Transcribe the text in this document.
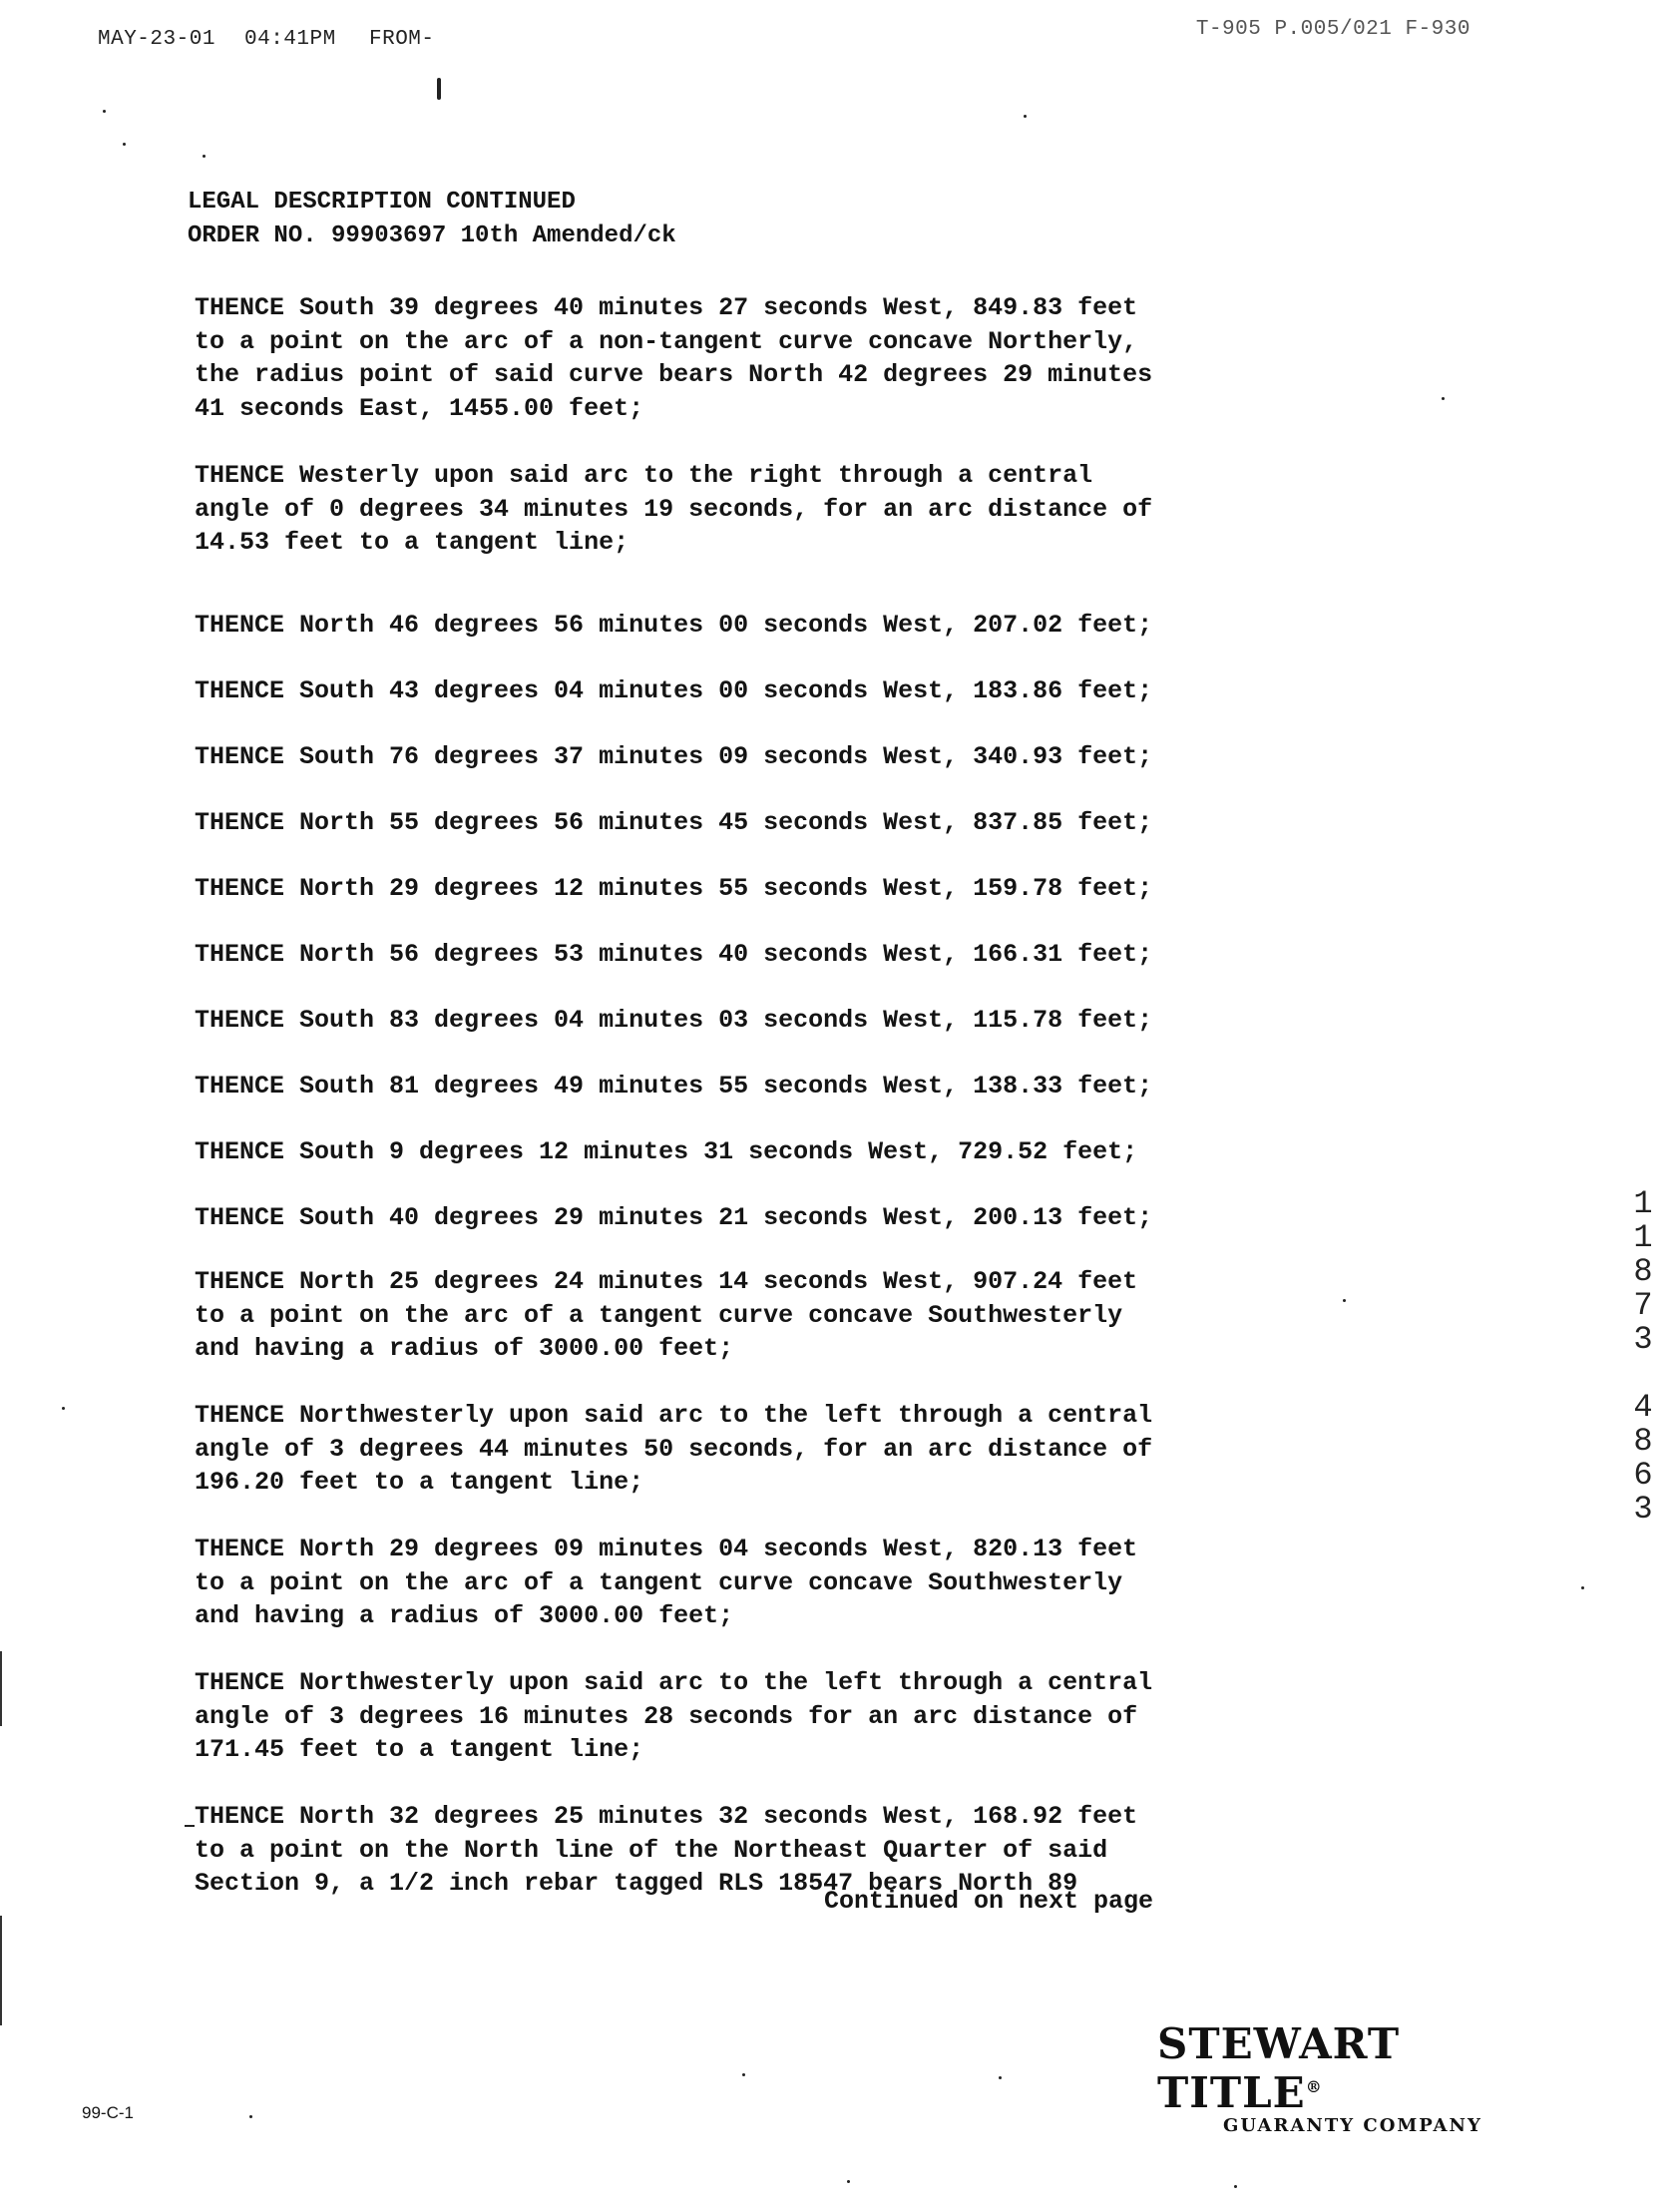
MAY-23-01 04:41PM FROM-	T-905 P.005/021 F-930
LEGAL DESCRIPTION CONTINUED
ORDER NO. 99903697 10th Amended/ck
THENCE South 39 degrees 40 minutes 27 seconds West, 849.83 feet
to a point on the arc of a non-tangent curve concave Northerly,
the radius point of said curve bears North 42 degrees 29 minutes
41 seconds East, 1455.00 feet;
THENCE Westerly upon said arc to the right through a central
angle of 0 degrees 34 minutes 19 seconds, for an arc distance of
14.53 feet to a tangent line;
THENCE North 46 degrees 56 minutes 00 seconds West, 207.02 feet;
THENCE South 43 degrees 04 minutes 00 seconds West, 183.86 feet;
THENCE South 76 degrees 37 minutes 09 seconds West, 340.93 feet;
THENCE North 55 degrees 56 minutes 45 seconds West, 837.85 feet;
THENCE North 29 degrees 12 minutes 55 seconds West, 159.78 feet;
THENCE North 56 degrees 53 minutes 40 seconds West, 166.31 feet;
THENCE South 83 degrees 04 minutes 03 seconds West, 115.78 feet;
THENCE South 81 degrees 49 minutes 55 seconds West, 138.33 feet;
THENCE South 9 degrees 12 minutes 31 seconds West, 729.52 feet;
THENCE South 40 degrees 29 minutes 21 seconds West, 200.13 feet;
THENCE North 25 degrees 24 minutes 14 seconds West, 907.24 feet
to a point on the arc of a tangent curve concave Southwesterly
and having a radius of 3000.00 feet;
THENCE Northwesterly upon said arc to the left through a central
angle of 3 degrees 44 minutes 50 seconds, for an arc distance of
196.20 feet to a tangent line;
THENCE North 29 degrees 09 minutes 04 seconds West, 820.13 feet
to a point on the arc of a tangent curve concave Southwesterly
and having a radius of 3000.00 feet;
THENCE Northwesterly upon said arc to the left through a central
angle of 3 degrees 16 minutes 28 seconds for an arc distance of
171.45 feet to a tangent line;
THENCE North 32 degrees 25 minutes 32 seconds West, 168.92 feet
to a point on the North line of the Northeast Quarter of said
Section 9, a 1/2 inch rebar tagged RLS 18547 bears North 89
Continued on next page
STEWART TITLE®
GUARANTY COMPANY
99-C-1
1
1
8
7
3
4
8
6
3
